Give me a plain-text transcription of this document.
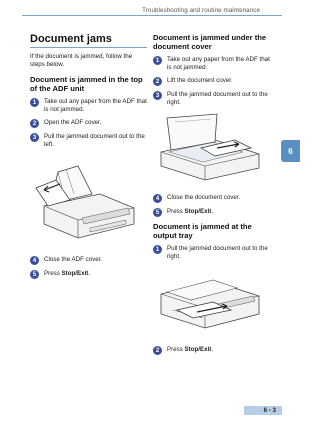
Troubleshooting and routine maintenance
6
Document jams

If the document is jammed, follow the steps below.

Document is jammed in the top of the ADF unit
1	Take out any paper from the ADF that is not jammed.
2	Open the ADF cover.
3	Pull the jammed document out to the left.
4	Close the ADF cover.
5	Press Stop/Exit.
Document is jammed under the document cover
1	Take out any paper from the ADF that is not jammed.
2	Lift the document cover.
3	Pull the jammed document out to the right.
4	Close the document cover.
5	Press Stop/Exit.
Document is jammed at the output tray
1	Pull the jammed document out to the right.
2	Press Stop/Exit.
6 - 3
